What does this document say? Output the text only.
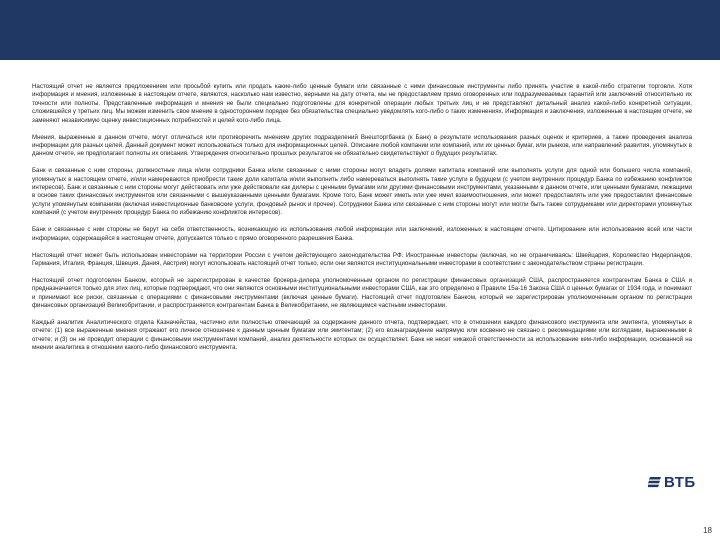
Настоящий отчет не является предложением или просьбой купить или продать какие-либо ценные бумаги или связанные с ними финансовые инструменты либо принять участие в какой-либо стратегии торговли. Хотя информация и мнения, изложенные в настоящем отчете, являются, насколько нам известно, верными на дату отчета, мы не предоставляем прямо оговоренных или подразумеваемых гарантий или заключений относительно их точности или полноты. Представленные информация и мнения не были специально подготовлены для конкретной операции любых третьих лиц и не представляют детальный анализ какой-либо конкретной ситуации, сложившейся у третьих лиц. Мы можем изменить свое мнение в одностороннем порядке без обязательства специально уведомлять кого-либо о таких изменениях. Информация и заключения, изложенные в настоящем отчете, не заменяют независимую оценку инвестиционных потребностей и целей кого-либо лица.

Мнения, выраженные в данном отчете, могут отличаться или противоречить мнениям других подразделений Внешторгбанка (к Банк) в результате использования разных оценок и критериев, а также проведения анализа информации для разных целей. Данный документ может использоваться только для информационных целей. Описание любой компании или компаний, или их ценных бумаг, или рынков, или направлений развития, упомянутых в данном отчете, не предполагает полноты их описания. Утверждения относительно прошлых результатов не обязательно свидетельствуют о будущих результатах.

Банк и связанные с ним стороны, должностные лица и/или сотрудники Банка и/или связанные с ними стороны могут владеть долями капитала компаний или выполнять услуги для одной или большего числа компаний, упомянутых в настоящем отчете, и/или намереваются приобрести такие доли капитала и/или выполнить либо намереваться выполнять такие услуги в будущем (с учетом внутренних процедур Банка по избежанию конфликтов интересов). Банк и связанные с ним стороны могут действовать или уже действовали как дилеры с ценными бумагами или другими финансовыми инструментами, указанными в данном отчете, или ценными бумагами, лежащими в основе таких финансовых инструментов или связанными с вышеуказанными ценными бумагами. Кроме того, Банк может иметь или уже имел взаимоотношения, или может предоставлять или уже предоставлял финансовые услуги упомянутым компаниям (включая инвестиционные банковские услуги, фондовый рынок и прочее). Сотрудники Банка или связанные с ним стороны могут или могли быть также сотрудниками или директорами упомянутых компаний (с учетом внутренних процедур Банка по избежанию конфликтов интересов).

Банк и связанные с ним стороны не берут на себя ответственность, возникающую из использования любой информации или заключений, изложенных в настоящем отчете. Цитирование или использование всей или части информации, содержащейся в настоящем отчете, допускается только с прямо оговоренного разрешения Банка.

Настоящий отчет может быть использован инвесторами на территории России с учетом действующего законодательства РФ. Иностранные инвесторы (включая, но не ограничиваясь: Швейцария, Королевство Нидерландов, Германия, Италия, Франция, Швеция, Дания, Австрия) могут использовать настоящий отчет только, если они являются институциональными инвесторами в соответствии с законодательством страны регистрации.

Настоящий отчет подготовлен Банком, который не зарегистрирован в качестве брокера-дилера уполномоченным органом по регистрации финансовых организаций США, распространяется контрагентам Банка в США и предназначается только для этих лиц, которые подтверждают, что они являются основными институциональными инвесторами США, как это определено в Правиле 15а-16 Закона США о ценных бумагах от 1934 года, и понимают и принимают все риски, связанные с операциями с финансовыми инструментами (включая ценные бумаги). Настоящий отчет подготовлен Банком, который не зарегистрирован уполномоченным органом по регистрации финансовых организаций Великобритании, и распространяется контрагентам Банка в Великобритании, не являющимся частными инвесторами.

Каждый аналитик Аналитического отдела Казначейства, частично или полностью отвечающий за содержание данного отчета, подтверждает, что в отношении каждого финансового инструмента или эмитента, упомянутых в отчете: (1) все выраженные мнения отражают его личное отношение к данным ценным бумагам или эмитентам; (2) его вознаграждение напрямую или косвенно не связано с рекомендациями или взглядами, выраженными в отчете; и (3) он не проводит операции с финансовыми инструментами компаний, анализ деятельности которых он осуществляет. Банк не несет никакой ответственности за использование кем-либо информации, основанной на мнении аналитика в отношении какого-либо финансового инструмента.

ВТБ
18
